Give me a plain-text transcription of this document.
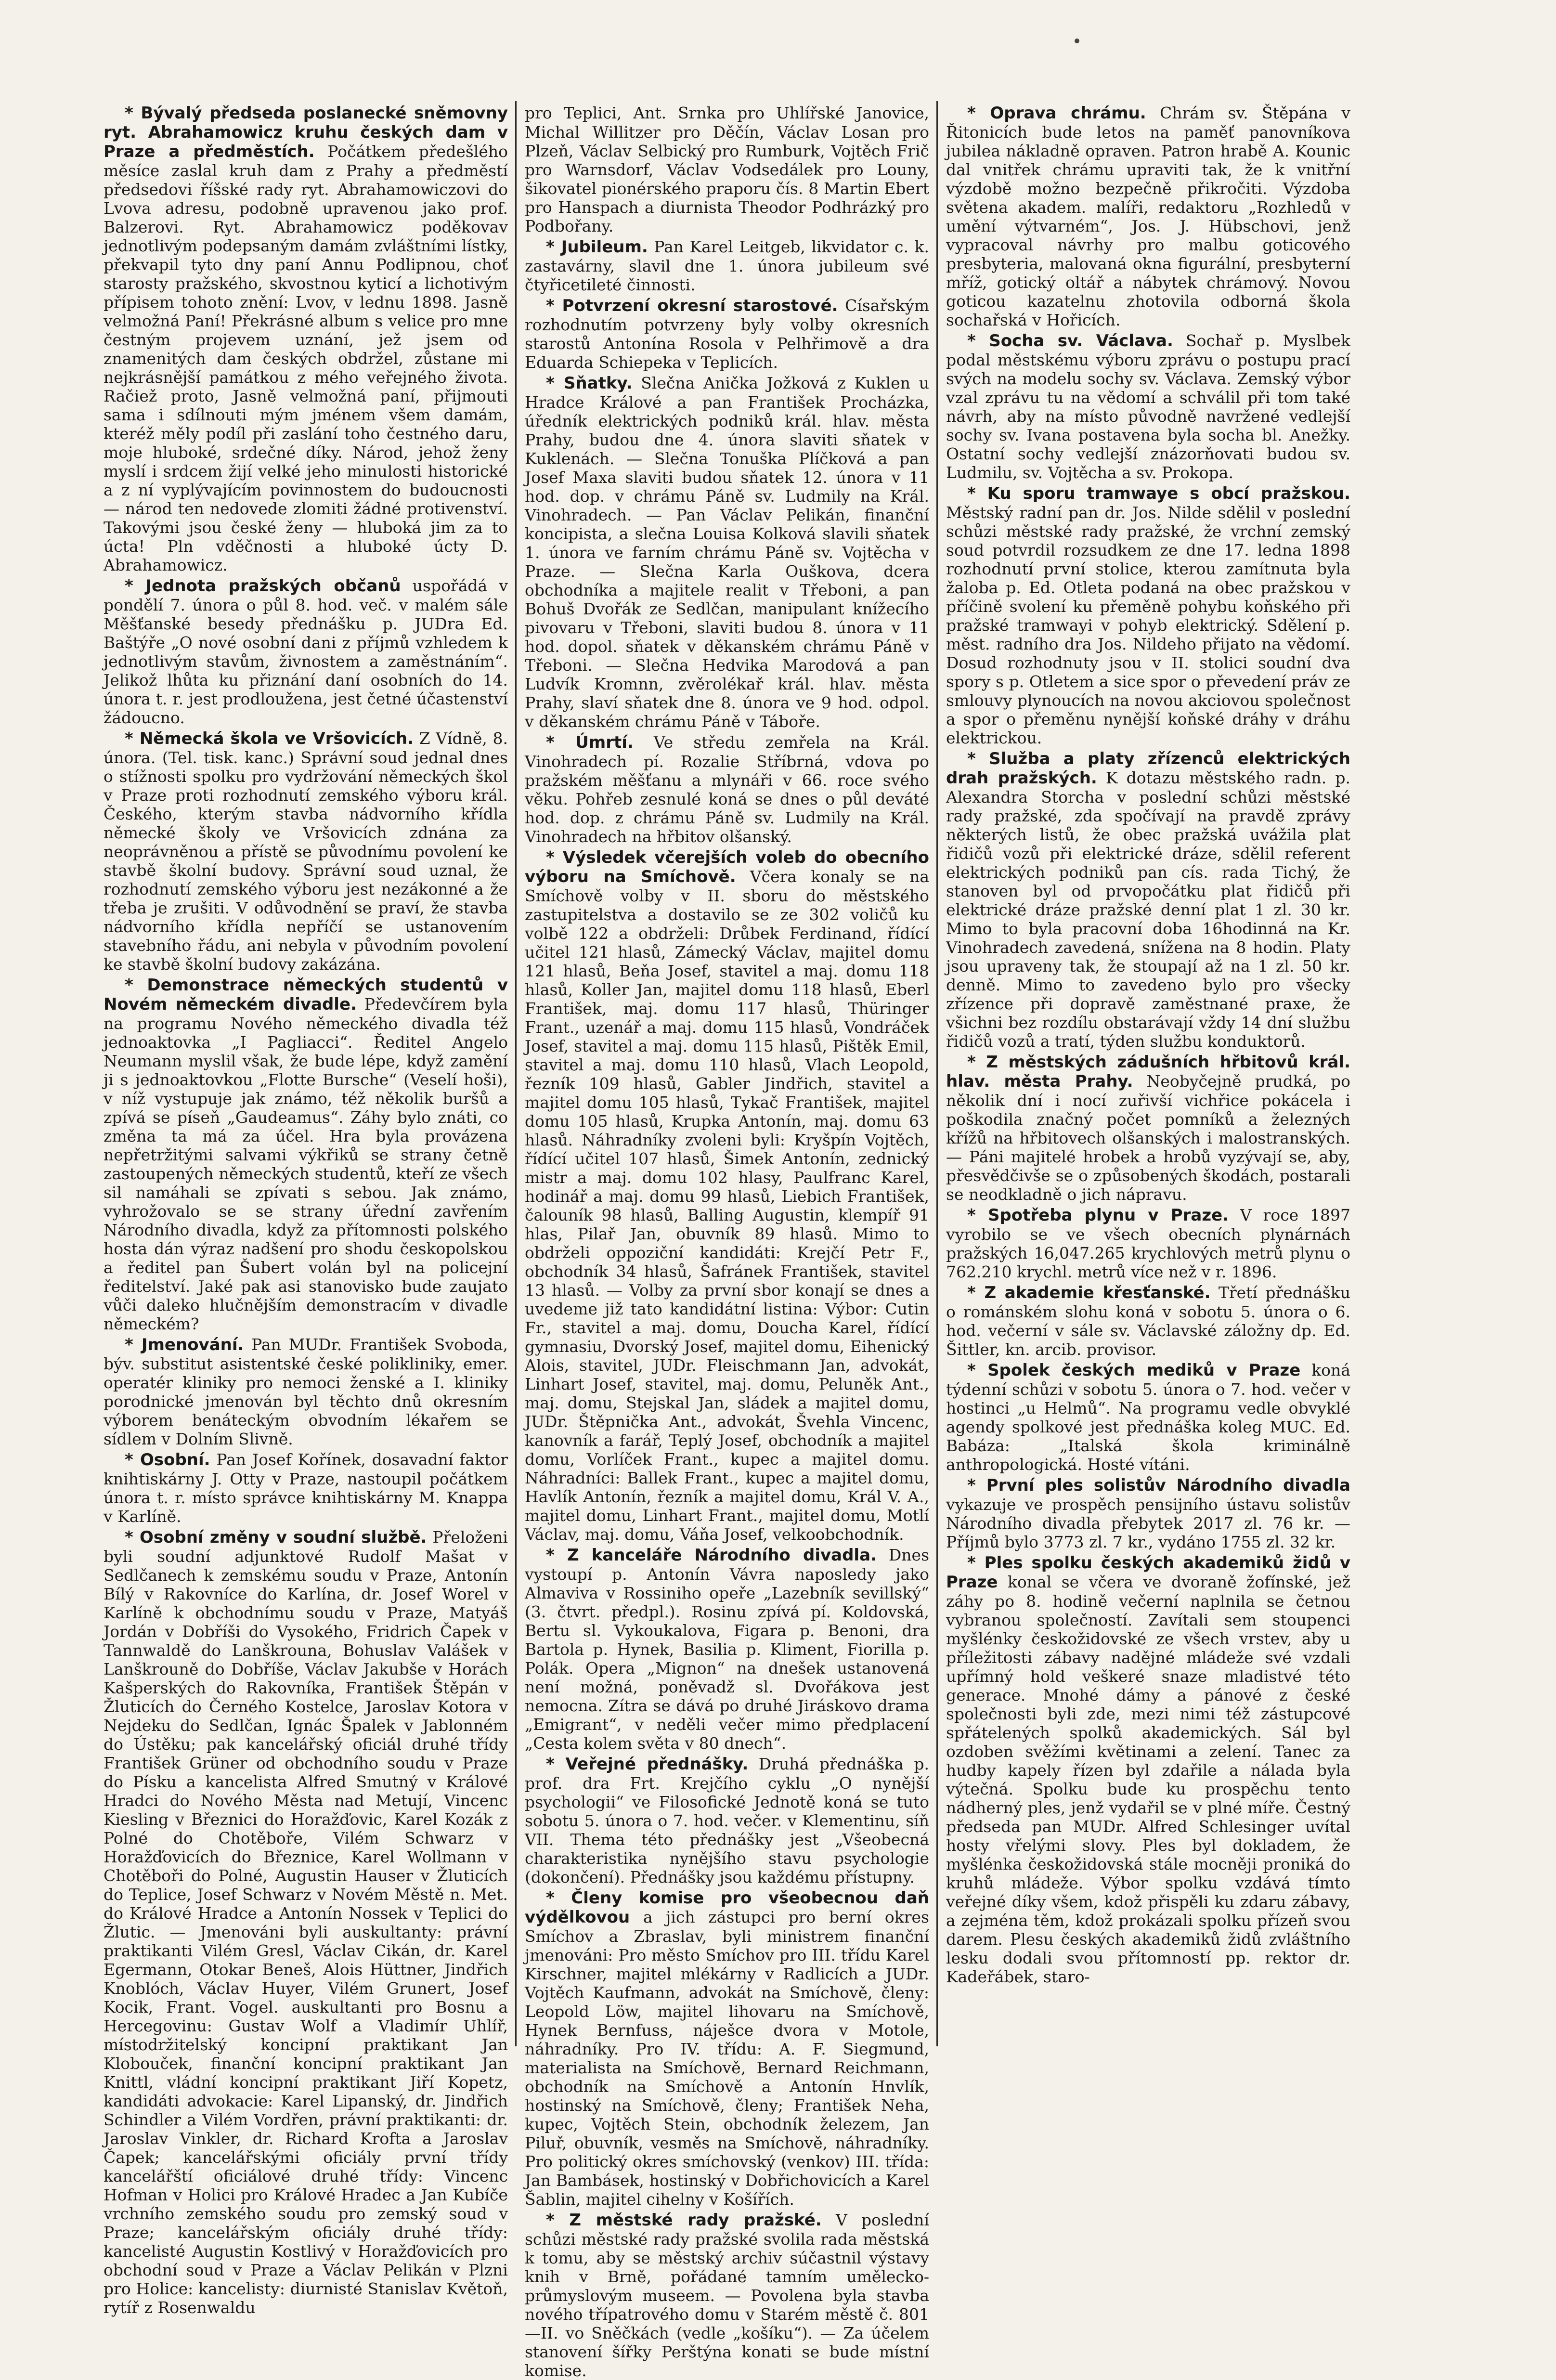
* Bývalý předseda poslanecké sněmovny ryt. Abrahamowicz kruhu českých dam v Praze a předměstích. Počátkem předešlého měsíce zaslal kruh dam z Prahy a předměstí předsedovi říšské rady ryt. Abrahamowiczovi do Lvova adresu, podobně upravenou jako prof. Balzerovi. Ryt. Abrahamowicz poděkovav jednotlivým podepsaným damám zvláštními lístky, překvapil tyto dny paní Annu Podlipnou, choť starosty pražského, skvostnou kyticí a lichotivým přípisem tohoto znění: Lvov, v lednu 1898. Jasně velmožná Paní! Překrásné album s velice pro mne čestným projevem uznání, jež jsem od znamenitých dam českých obdržel, zůstane mi nejkrásnější památkou z mého veřejného života. Račiež proto, Jasně velmožná paní, přijmouti sama i sdílnouti mým jménem všem damám, kteréž měly podíl při zaslání toho čestného daru, moje hluboké, srdečné díky. Národ, jehož ženy myslí i srdcem žijí velké jeho minulosti historické a z ní vyplývajícím povinnostem do budoucnosti — národ ten nedovede zlomiti žádné protivenství. Takovými jsou české ženy — hluboká jim za to úcta! Pln vděčnosti a hluboké úcty D. Abrahamowicz.

* Jednota pražských občanů uspořádá v pondělí 7. února o půl 8. hod. več. v malém sále Měšťanské besedy přednášku p. JUDra Ed. Baštýře „O nové osobní dani z příjmů vzhledem k jednotlivým stavům, živnostem a zaměstnáním“. Jelikož lhůta ku přiznání daní osobních do 14. února t. r. jest prodloužena, jest četné účastenství žádoucno.

* Německá škola ve Vršovicích. Z Vídně, 8. února. (Tel. tisk. kanc.) Správní soud jednal dnes o stížnosti spolku pro vydržování německých škol v Praze proti rozhodnutí zemského výboru král. Českého, kterým stavba nádvorního křídla německé školy ve Vršovicích zdnána za neoprávněnou a přístě se původnímu povolení ke stavbě školní budovy. Správní soud uznal, že rozhodnutí zemského výboru jest nezákonné a že třeba je zrušiti. V odůvodnění se praví, že stavba nádvorního křídla nepříčí se ustanovením stavebního řádu, ani nebyla v původním povolení ke stavbě školní budovy zakázána.

* Demonstrace německých studentů v Novém německém divadle. Předevčírem byla na programu Nového německého divadla též jednoaktovka „I Pagliacci“. Ředitel Angelo Neumann myslil však, že bude lépe, když zamění ji s jednoaktovkou „Flotte Bursche“ (Veselí hoši), v níž vystupuje jak známo, též několik buršů a zpívá se píseň „Gaudeamus“. Záhy bylo znáti, co změna ta má za účel. Hra byla provázena nepřetržitými salvami výkřiků se strany četně zastoupených německých studentů, kteří ze všech sil namáhali se zpívati s sebou. Jak známo, vyhrožovalo se se strany úřední zavřením Národního divadla, když za přítomnosti polského hosta dán výraz nadšení pro shodu českopolskou a ředitel pan Šubert volán byl na policejní ředitelství. Jaké pak asi stanovisko bude zaujato vůči daleko hlučnějším demonstracím v divadle německém?

* Jmenování. Pan MUDr. František Svoboda, býv. substitut asistentské české polikliniky, emer. operatér kliniky pro nemoci ženské a I. kliniky porodnické jmenován byl těchto dnů okresním výborem benáteckým obvodním lékařem se sídlem v Dolním Slivně.

* Osobní. Pan Josef Kořínek, dosavadní faktor knihtiskárny J. Otty v Praze, nastoupil počátkem února t. r. místo správce knihtiskárny M. Knappa v Karlíně.

* Osobní změny v soudní službě. Přeloženi byli soudní adjunktové Rudolf Mašat v Sedlčanech k zemskému soudu v Praze, Antonín Bílý v Rakovníce do Karlína, dr. Josef Worel v Karlíně k obchodnímu soudu v Praze, Matyáš Jordán v Dobříši do Vysokého, Fridrich Čapek v Tannwaldě do Lanškrouna, Bohuslav Valášek v Lanškrouně do Dobříše, Václav Jakubše v Horách Kašperských do Rakovníka, František Štěpán v Žluticích do Černého Kostelce, Jaroslav Kotora v Nejdeku do Sedlčan, Ignác Špalek v Jablonném do Ústěku; pak kancelářský oficiál druhé třídy František Grüner od obchodního soudu v Praze do Písku a kancelista Alfred Smutný v Králové Hradci do Nového Města nad Metují, Vincenc Kiesling v Březnici do Horažďovic, Karel Kozák z Polné do Chotěboře, Vilém Schwarz v Horažďovicích do Březnice, Karel Wollmann v Chotěboři do Polné, Augustin Hauser v Žluticích do Teplice, Josef Schwarz v Novém Městě n. Met. do Králové Hradce a Antonín Nossek v Teplici do Žlutic. — Jmenováni byli auskultanty: právní praktikanti Vilém Gresl, Václav Cikán, dr. Karel Egermann, Otokar Beneš, Alois Hüttner, Jindřich Knoblóch, Václav Huyer, Vilém Grunert, Josef Kocik, Frant. Vogel. auskultanti pro Bosnu a Hercegovinu: Gustav Wolf a Vladimír Uhlíř, místodržitelský koncipní praktikant Jan Klobouček, finanční koncipní praktikant Jan Knittl, vládní koncipní praktikant Jiří Kopetz, kandidáti advokacie: Karel Lipanský, dr. Jindřich Schindler a Vilém Vordřen, právní praktikanti: dr. Jaroslav Vinkler, dr. Richard Krofta a Jaroslav Čapek; kancelářskými oficiály první třídy kancelářští oficiálové druhé třídy: Vincenc Hofman v Holici pro Králové Hradec a Jan Kubíče vrchního zemského soudu pro zemský soud v Praze; kancelářským oficiály druhé třídy: kancelisté Augustin Kostlivý v Horažďovicích pro obchodní soud v Praze a Václav Pelikán v Plzni pro Holice: kancelisty: diurnisté Stanislav Květoň, rytíř z Rosenwaldu

pro Teplici, Ant. Srnka pro Uhlířské Janovice, Michal Willitzer pro Děčín, Václav Losan pro Plzeň, Václav Selbický pro Rumburk, Vojtěch Frič pro Warnsdorf, Václav Vodsedálek pro Louny, šikovatel pionérského praporu čís. 8 Martin Ebert pro Hanspach a diurnista Theodor Podhrázký pro Podbořany.

* Jubileum. Pan Karel Leitgeb, likvidator c. k. zastavárny, slavil dne 1. února jubileum své čtyřicetileté činnosti.

* Potvrzení okresní starostové. Císařským rozhodnutím potvrzeny byly volby okresních starostů Antonína Rosola v Pelhřimově a dra Eduarda Schiepeka v Teplicích.

* Sňatky. Slečna Anička Jožková z Kuklen u Hradce Králové a pan František Procházka, úředník elektrických podniků král. hlav. města Prahy, budou dne 4. února slaviti sňatek v Kuklenách. — Slečna Tonuška Plíčková a pan Josef Maxa slaviti budou sňatek 12. února v 11 hod. dop. v chrámu Páně sv. Ludmily na Král. Vinohradech. — Pan Václav Pelikán, finanční koncipista, a slečna Louisa Kolková slavili sňatek 1. února ve farním chrámu Páně sv. Vojtěcha v Praze. — Slečna Karla Ouškova, dcera obchodníka a majitele realit v Třeboni, a pan Bohuš Dvořák ze Sedlčan, manipulant knížecího pivovaru v Třeboni, slaviti budou 8. února v 11 hod. dopol. sňatek v děkanském chrámu Páně v Třeboni. — Slečna Hedvika Marodová a pan Ludvík Kromnn, zvěrolékař král. hlav. města Prahy, slaví sňatek dne 8. února ve 9 hod. odpol. v děkanském chrámu Páně v Táboře.

* Úmrtí. Ve středu zemřela na Král. Vinohradech pí. Rozalie Stříbrná, vdova po pražském měšťanu a mlynáři v 66. roce svého věku. Pohřeb zesnulé koná se dnes o půl deváté hod. dop. z chrámu Páně sv. Ludmily na Král. Vinohradech na hřbitov olšanský.

* Výsledek včerejších voleb do obecního výboru na Smíchově. Včera konaly se na Smíchově volby v II. sboru do městského zastupitelstva a dostavilo se ze 302 voličů ku volbě 122 a obdrželi: Drůbek Ferdinand, řídící učitel 121 hlasů, Zámecký Václav, majitel domu 121 hlasů, Beňa Josef, stavitel a maj. domu 118 hlasů, Koller Jan, majitel domu 118 hlasů, Eberl František, maj. domu 117 hlasů, Thüringer Frant., uzenář a maj. domu 115 hlasů, Vondráček Josef, stavitel a maj. domu 115 hlasů, Pištěk Emil, stavitel a maj. domu 110 hlasů, Vlach Leopold, řezník 109 hlasů, Gabler Jindřich, stavitel a majitel domu 105 hlasů, Tykač František, majitel domu 105 hlasů, Krupka Antonín, maj. domu 63 hlasů. Náhradníky zvoleni byli: Kryšpín Vojtěch, řídící učitel 107 hlasů, Šimek Antonín, zednický mistr a maj. domu 102 hlasy, Paulfranc Karel, hodinář a maj. domu 99 hlasů, Liebich František, čalouník 98 hlasů, Balling Augustin, klempíř 91 hlas, Pilař Jan, obuvník 89 hlasů. Mimo to obdrželi oppoziční kandidáti: Krejčí Petr F., obchodník 34 hlasů, Šafránek František, stavitel 13 hlasů. — Volby za první sbor konají se dnes a uvedeme již tato kandidátní listina: Výbor: Cutin Fr., stavitel a maj. domu, Doucha Karel, řídící gymnasiu, Dvorský Josef, majitel domu, Eihenický Alois, stavitel, JUDr. Fleischmann Jan, advokát, Linhart Josef, stavitel, maj. domu, Peluněk Ant., maj. domu, Stejskal Jan, sládek a majitel domu, JUDr. Štěpnička Ant., advokát, Švehla Vincenc, kanovník a farář, Teplý Josef, obchodník a majitel domu, Vorlíček Frant., kupec a majitel domu. Náhradníci: Ballek Frant., kupec a majitel domu, Havlík Antonín, řezník a majitel domu, Král V. A., majitel domu, Linhart Frant., majitel domu, Motlí Václav, maj. domu, Váňa Josef, velkoobchodník.

* Z kanceláře Národního divadla. Dnes vystoupí p. Antonín Vávra naposledy jako Almaviva v Rossiniho opeře „Lazebník sevillský“ (3. čtvrt. předpl.). Rosinu zpívá pí. Koldovská, Bertu sl. Vykoukalova, Figara p. Benoni, dra Bartola p. Hynek, Basilia p. Kliment, Fiorilla p. Polák. Opera „Mignon“ na dnešek ustanovená není možná, poněvadž sl. Dvořákova jest nemocna. Zítra se dává po druhé Jiráskovo drama „Emigrant“, v neděli večer mimo předplacení „Cesta kolem světa v 80 dnech“.

* Veřejné přednášky. Druhá přednáška p. prof. dra Frt. Krejčího cyklu „O nynější psychologii“ ve Filosofické Jednotě koná se tuto sobotu 5. února o 7. hod. večer. v Klementinu, síň VII. Thema této přednášky jest „Všeobecná charakteristika nynějšího stavu psychologie (dokončení). Přednášky jsou každému přístupny.

* Členy komise pro všeobecnou daň výdělkovou a jich zástupci pro berní okres Smíchov a Zbraslav, byli ministrem finanční jmenováni: Pro město Smíchov pro III. třídu Karel Kirschner, majitel mlékárny v Radlicích a JUDr. Vojtěch Kaufmann, advokát na Smíchově, členy: Leopold Löw, majitel lihovaru na Smíchově, Hynek Bernfuss, náješce dvora v Motole, náhradníky. Pro IV. třídu: A. F. Siegmund, materialista na Smíchově, Bernard Reichmann, obchodník na Smíchově a Antonín Hnvlík, hostinský na Smíchově, členy; František Neha, kupec, Vojtěch Stein, obchodník železem, Jan Piluř, obuvník, vesměs na Smíchově, náhradníky. Pro politický okres smíchovský (venkov) III. třída: Jan Bambásek, hostinský v Dobřichovicích a Karel Šablin, majitel cihelny v Košířích.

* Z městské rady pražské. V poslední schůzi městské rady pražské svolila rada městská k tomu, aby se městský archiv súčastnil výstavy knih v Brně, pořádané tamním umělecko-průmyslovým museem. — Povolena byla stavba nového třípatrového domu v Starém městě č. 801—II. vo Sněčkách (vedle „košíku“). — Za účelem stanovení šířky Perštýna konati se bude místní komise.

* Oprava chrámu. Chrám sv. Štěpána v Řitonicích bude letos na paměť panovníkova jubilea nákladně opraven. Patron hrabě A. Kounic dal vnitřek chrámu upraviti tak, že k vnitřní výzdobě možno bezpečně přikročiti. Výzdoba světena akadem. malíři, redaktoru „Rozhledů v umění výtvarném“, Jos. J. Hübschovi, jenž vypracoval návrhy pro malbu goticového presbyteria, malovaná okna figurální, presbyterní mříž, gotický oltář a nábytek chrámový. Novou goticou kazatelnu zhotovila odborná škola sochařská v Hořicích.

* Socha sv. Václava. Sochař p. Myslbek podal městskému výboru zprávu o postupu prací svých na modelu sochy sv. Václava. Zemský výbor vzal zprávu tu na vědomí a schválil při tom také návrh, aby na místo původně navržené vedlejší sochy sv. Ivana postavena byla socha bl. Anežky. Ostatní sochy vedlejší znázorňovati budou sv. Ludmilu, sv. Vojtěcha a sv. Prokopa.

* Ku sporu tramwaye s obcí pražskou. Městský radní pan dr. Jos. Nilde sdělil v poslední schůzi městské rady pražské, že vrchní zemský soud potvrdil rozsudkem ze dne 17. ledna 1898 rozhodnutí první stolice, kterou zamítnuta byla žaloba p. Ed. Otleta podaná na obec pražskou v příčině svolení ku přeměně pohybu koňského při pražské tramwayi v pohyb elektrický. Sdělení p. měst. radního dra Jos. Nildeho přijato na vědomí. Dosud rozhodnuty jsou v II. stolici soudní dva spory s p. Otletem a sice spor o převedení práv ze smlouvy plynoucích na novou akciovou společnost a spor o přeměnu nynější koňské dráhy v dráhu elektrickou.

* Služba a platy zřízenců elektrických drah pražských. K dotazu městského radn. p. Alexandra Storcha v poslední schůzi městské rady pražské, zda spočívají na pravdě zprávy některých listů, že obec pražská uvážila plat řidičů vozů při elektrické dráze, sdělil referent elektrických podniků pan cís. rada Tichý, že stanoven byl od prvopočátku plat řidičů při elektrické dráze pražské denní plat 1 zl. 30 kr. Mimo to byla pracovní doba 16hodinná na Kr. Vinohradech zavedená, snížena na 8 hodin. Platy jsou upraveny tak, že stoupají až na 1 zl. 50 kr. denně. Mimo to zavedeno bylo pro všecky zřízence při dopravě zaměstnané praxe, že všichni bez rozdílu obstarávají vždy 14 dní službu řidičů vozů a tratí, týden službu konduktorů.

* Z městských zádušních hřbitovů král. hlav. města Prahy. Neobyčejně prudká, po několik dní i nocí zuřivší vichřice pokácela i poškodila značný počet pomníků a železných křížů na hřbitovech olšanských i malostranských. — Páni majitelé hrobek a hrobů vyzývají se, aby, přesvědčivše se o způsobených škodách, postarali se neodkladně o jich nápravu.

* Spotřeba plynu v Praze. V roce 1897 vyrobilo se ve všech obecních plynárnách pražských 16,047.265 krychlových metrů plynu o 762.210 krychl. metrů více než v r. 1896.

* Z akademie křesťanské. Třetí přednášku o románském slohu koná v sobotu 5. února o 6. hod. večerní v sále sv. Václavské záložny dp. Ed. Šittler, kn. arcib. provisor.

* Spolek českých mediků v Praze koná týdenní schůzi v sobotu 5. února o 7. hod. večer v hostinci „u Helmů“. Na programu vedle obvyklé agendy spolkové jest přednáška koleg MUC. Ed. Babáza: „Italská škola kriminálně anthropologická. Hosté vítáni.

* První ples solistův Národního divadla vykazuje ve prospěch pensijního ústavu solistův Národního divadla přebytek 2017 zl. 76 kr. — Příjmů bylo 3773 zl. 7 kr., vydáno 1755 zl. 32 kr.

* Ples spolku českých akademiků židů v Praze konal se včera ve dvoraně žofínské, jež záhy po 8. hodině večerní naplnila se četnou vybranou společností. Zavítali sem stoupenci myšlénky českožidovské ze všech vrstev, aby u příležitosti zábavy nadějné mládeže své vzdali upřímný hold veškeré snaze mladistvé této generace. Mnohé dámy a pánové z české společnosti byli zde, mezi nimi též zástupcové spřátelených spolků akademických. Sál byl ozdoben svěžími květinami a zelení. Tanec za hudby kapely řízen byl zdařile a nálada byla výtečná. Spolku bude ku prospěchu tento nádherný ples, jenž vydařil se v plné míře. Čestný předseda pan MUDr. Alfred Schlesinger uvítal hosty vřelými slovy. Ples byl dokladem, že myšlénka českožidovská stále mocněji proniká do kruhů mládeže. Výbor spolku vzdává tímto veřejné díky všem, kdož přispěli ku zdaru zábavy, a zejména těm, kdož prokázali spolku přízeň svou darem. Plesu českých akademiků židů zvláštního lesku dodali svou přítomností pp. rektor dr. Kadeřábek, staro-
